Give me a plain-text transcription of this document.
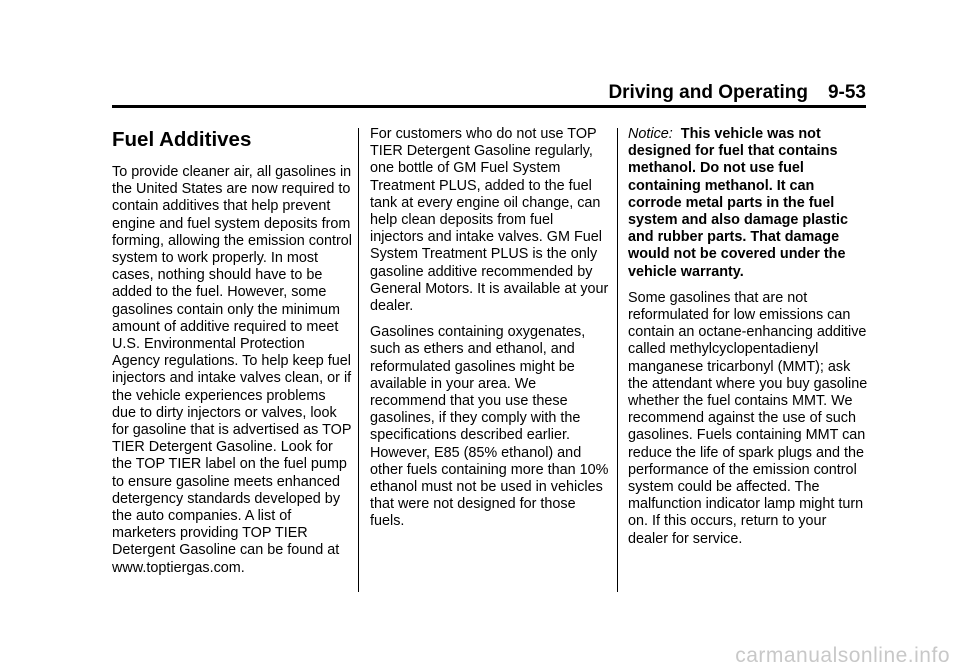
Driving and Operating 9-53
Fuel Additives

To provide cleaner air, all gasolines in the United States are now required to contain additives that help prevent engine and fuel system deposits from forming, allowing the emission control system to work properly. In most cases, nothing should have to be added to the fuel. However, some gasolines contain only the minimum amount of additive required to meet U.S. Environmental Protection Agency regulations. To help keep fuel injectors and intake valves clean, or if the vehicle experiences problems due to dirty injectors or valves, look for gasoline that is advertised as TOP TIER Detergent Gasoline. Look for the TOP TIER label on the fuel pump to ensure gasoline meets enhanced detergency standards developed by the auto companies. A list of marketers providing TOP TIER Detergent Gasoline can be found at www.toptiergas.com.

For customers who do not use TOP TIER Detergent Gasoline regularly, one bottle of GM Fuel System Treatment PLUS, added to the fuel tank at every engine oil change, can help clean deposits from fuel injectors and intake valves. GM Fuel System Treatment PLUS is the only gasoline additive recommended by General Motors. It is available at your dealer.

Gasolines containing oxygenates, such as ethers and ethanol, and reformulated gasolines might be available in your area. We recommend that you use these gasolines, if they comply with the specifications described earlier. However, E85 (85% ethanol) and other fuels containing more than 10% ethanol must not be used in vehicles that were not designed for those fuels.

Notice: This vehicle was not designed for fuel that contains methanol. Do not use fuel containing methanol. It can corrode metal parts in the fuel system and also damage plastic and rubber parts. That damage would not be covered under the vehicle warranty.

Some gasolines that are not reformulated for low emissions can contain an octane-enhancing additive called methylcyclopentadienyl manganese tricarbonyl (MMT); ask the attendant where you buy gasoline whether the fuel contains MMT. We recommend against the use of such gasolines. Fuels containing MMT can reduce the life of spark plugs and the performance of the emission control system could be affected. The malfunction indicator lamp might turn on. If this occurs, return to your dealer for service.

carmanualsonline.info
